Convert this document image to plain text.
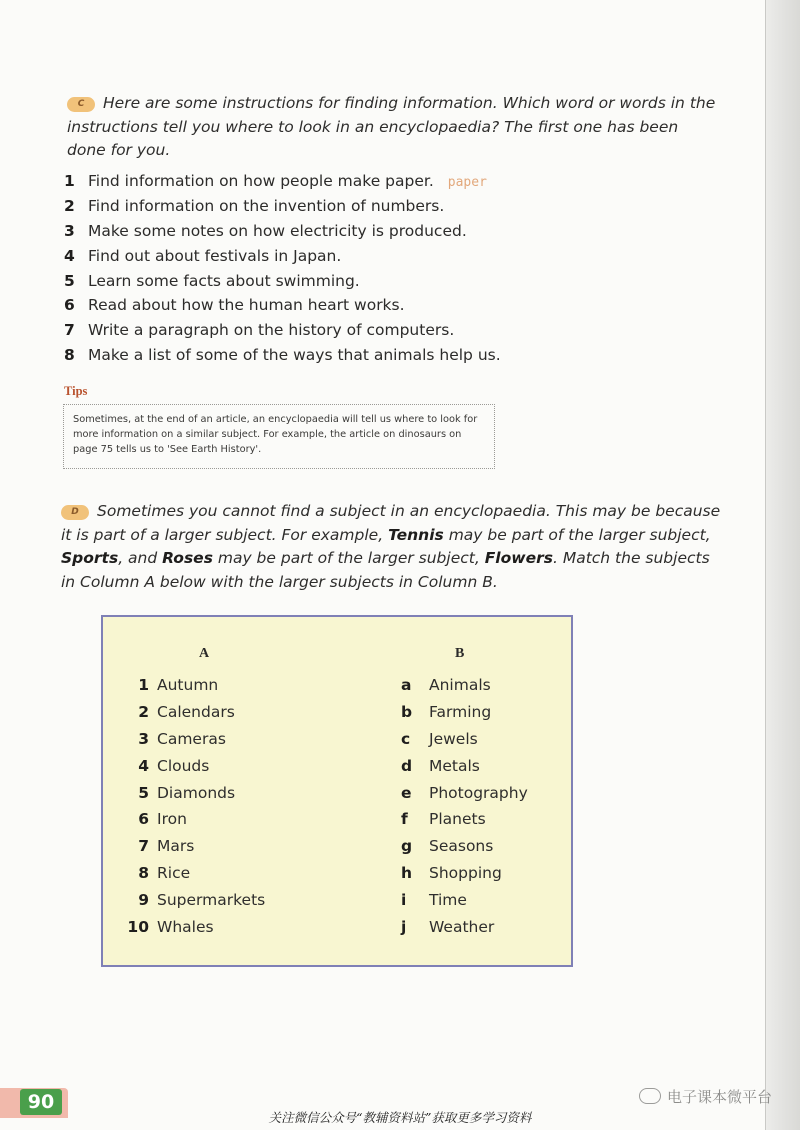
C Here are some instructions for finding information. Which word or words in the instructions tell you where to look in an encyclopaedia? The first one has been done for you.
1 Find information on how people make paper. paper
2 Find information on the invention of numbers.
3 Make some notes on how electricity is produced.
4 Find out about festivals in Japan.
5 Learn some facts about swimming.
6 Read about how the human heart works.
7 Write a paragraph on the history of computers.
8 Make a list of some of the ways that animals help us.
Tips
Sometimes, at the end of an article, an encyclopaedia will tell us where to look for more information on a similar subject. For example, the article on dinosaurs on page 75 tells us to 'See Earth History'.
D Sometimes you cannot find a subject in an encyclopaedia. This may be because it is part of a larger subject. For example, Tennis may be part of the larger subject, Sports, and Roses may be part of the larger subject, Flowers. Match the subjects in Column A below with the larger subjects in Column B.
A	B
1 Autumn
2 Calendars
3 Cameras
4 Clouds
5 Diamonds
6 Iron
7 Mars
8 Rice
9 Supermarkets
10 Whales
a Animals
b Farming
c Jewels
d Metals
e Photography
f Planets
g Seasons
h Shopping
i Time
j Weather
90	电子课本微平台
关注微信公众号“教辅资料站”获取更多学习资料
